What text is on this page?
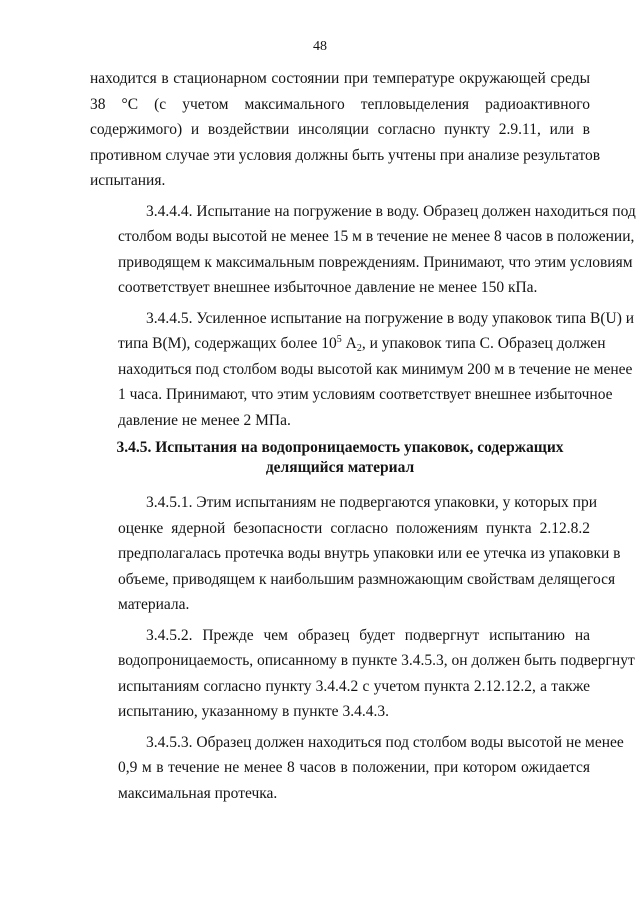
48
находится в стационарном состоянии при температуре окружающей среды
38 °C (с учетом максимального тепловыделения радиоактивного
содержимого) и воздействии инсоляции согласно пункту 2.9.11, или в
противном случае эти условия должны быть учтены при анализе результатов
испытания.
3.4.4.4. Испытание на погружение в воду. Образец должен находиться под
столбом воды высотой не менее 15 м в течение не менее 8 часов в положении,
приводящем к максимальным повреждениям. Принимают, что этим условиям
соответствует внешнее избыточное давление не менее 150 кПа.
3.4.4.5. Усиленное испытание на погружение в воду упаковок типа B(U) и
типа B(M), содержащих более $10^5$ $A_2$, и упаковок типа C. Образец должен
находиться под столбом воды высотой как минимум 200 м в течение не менее
1 часа. Принимают, что этим условиям соответствует внешнее избыточное
давление не менее 2 МПа.
3.4.5. Испытания на водопроницаемость упаковок, содержащих
делящийся материал
3.4.5.1. Этим испытаниям не подвергаются упаковки, у которых при
оценке ядерной безопасности согласно положениям пункта 2.12.8.2
предполагалась протечка воды внутрь упаковки или ее утечка из упаковки в
объеме, приводящем к наибольшим размножающим свойствам делящегося
материала.
3.4.5.2. Прежде чем образец будет подвергнут испытанию на
водопроницаемость, описанному в пункте 3.4.5.3, он должен быть подвергнут
испытаниям согласно пункту 3.4.4.2 с учетом пункта 2.12.12.2, а также
испытанию, указанному в пункте 3.4.4.3.
3.4.5.3. Образец должен находиться под столбом воды высотой не менее
0,9 м в течение не менее 8 часов в положении, при котором ожидается
максимальная протечка.
